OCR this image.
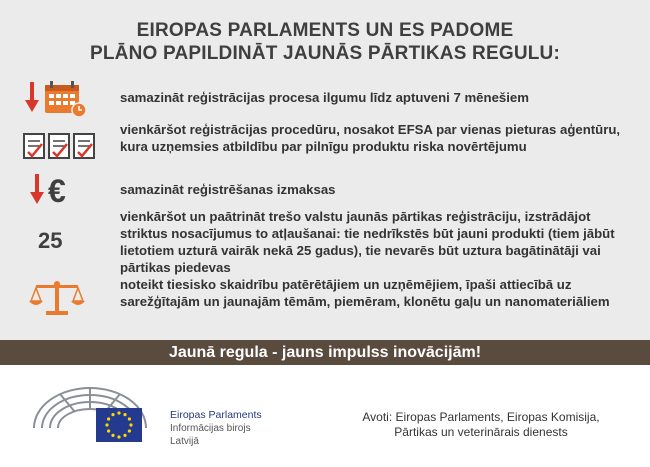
EIROPAS PARLAMENTS UN ES PADOME
PLĀNO PAPILDINĀT JAUNĀS PĀRTIKAS REGULU:
samazināt reģistrācijas procesa ilgumu līdz aptuveni 7 mēnešiem
vienkāršot reģistrācijas procedūru, nosakot EFSA par vienas pieturas aģentūru, kura uzņemsies atbildību par pilnīgu produktu riska novērtējumu
€	samazināt reģistrēšanas izmaksas
25
vienkāršot un paātrināt trešo valstu jaunās pārtikas reģistrāciju, izstrādājot striktus nosacījumus to atļaušanai: tie nedrīkstēs būt jauni produkti (tiem jābūt lietotiem uzturā vairāk nekā 25 gadus), tie nevarēs būt uztura bagātinātāji vai pārtikas piedevas
noteikt tiesisko skaidrību patērētājiem un uzņēmējiem, īpaši attiecībā uz sarežģītajām un jaunajām tēmām, piemēram, klonētu gaļu un nanomateriāliem
Jaunā regula - jauns impulss inovācijām!
Eiropas Parlaments
Informācijas birojs
Latvijā
Avoti: Eiropas Parlaments, Eiropas Komisija,
Pārtikas un veterinārais dienests
